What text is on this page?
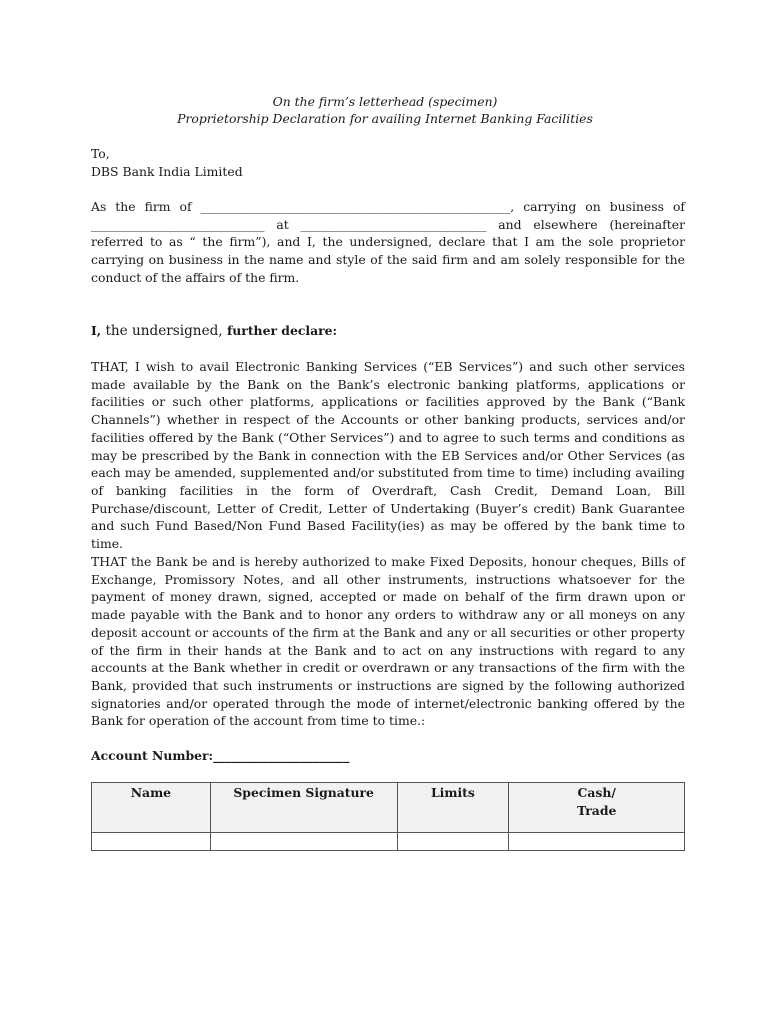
On the firm’s letterhead (specimen)
Proprietorship Declaration for availing Internet Banking Facilities
To,
DBS Bank India Limited
As the firm of __________________________________________________, carrying on business of ____________________________ at ______________________________ and elsewhere (hereinafter referred to as “ the firm”), and I, the undersigned, declare that I am the sole proprietor carrying on business in the name and style of the said firm and am solely responsible for the conduct of the affairs of the firm.
I, the undersigned, further declare:
THAT, I wish to avail Electronic Banking Services (“EB Services”) and such other services made available by the Bank on the Bank’s electronic banking platforms, applications or facilities or such other platforms, applications or facilities approved by the Bank (“Bank Channels”) whether in respect of the Accounts or other banking products, services and/or facilities offered by the Bank (“Other Services”) and to agree to such terms and conditions as may be prescribed by the Bank in connection with the EB Services and/or Other Services (as each may be amended, supplemented and/or substituted from time to time) including availing of banking facilities in the form of Overdraft, Cash Credit, Demand Loan, Bill Purchase/discount, Letter of Credit, Letter of Undertaking (Buyer’s credit) Bank Guarantee and such Fund Based/Non Fund Based Facility(ies) as may be offered by the bank time to time.
THAT the Bank be and is hereby authorized to make Fixed Deposits, honour cheques, Bills of Exchange, Promissory Notes, and all other instruments, instructions whatsoever for the payment of money drawn, signed, accepted or made on behalf of the firm drawn upon or made payable with the Bank and to honor any orders to withdraw any or all moneys on any deposit account or accounts of the firm at the Bank and any or all securities or other property of the firm in their hands at the Bank and to act on any instructions with regard to any accounts at the Bank whether in credit or overdrawn or any transactions of the firm with the Bank, provided that such instruments or instructions are signed by the following authorized signatories and/or operated through the mode of internet/electronic banking offered by the Bank for operation of the account from time to time.:
Account Number:______________________
Name	Specimen Signature	Limits	Cash/
Trade
